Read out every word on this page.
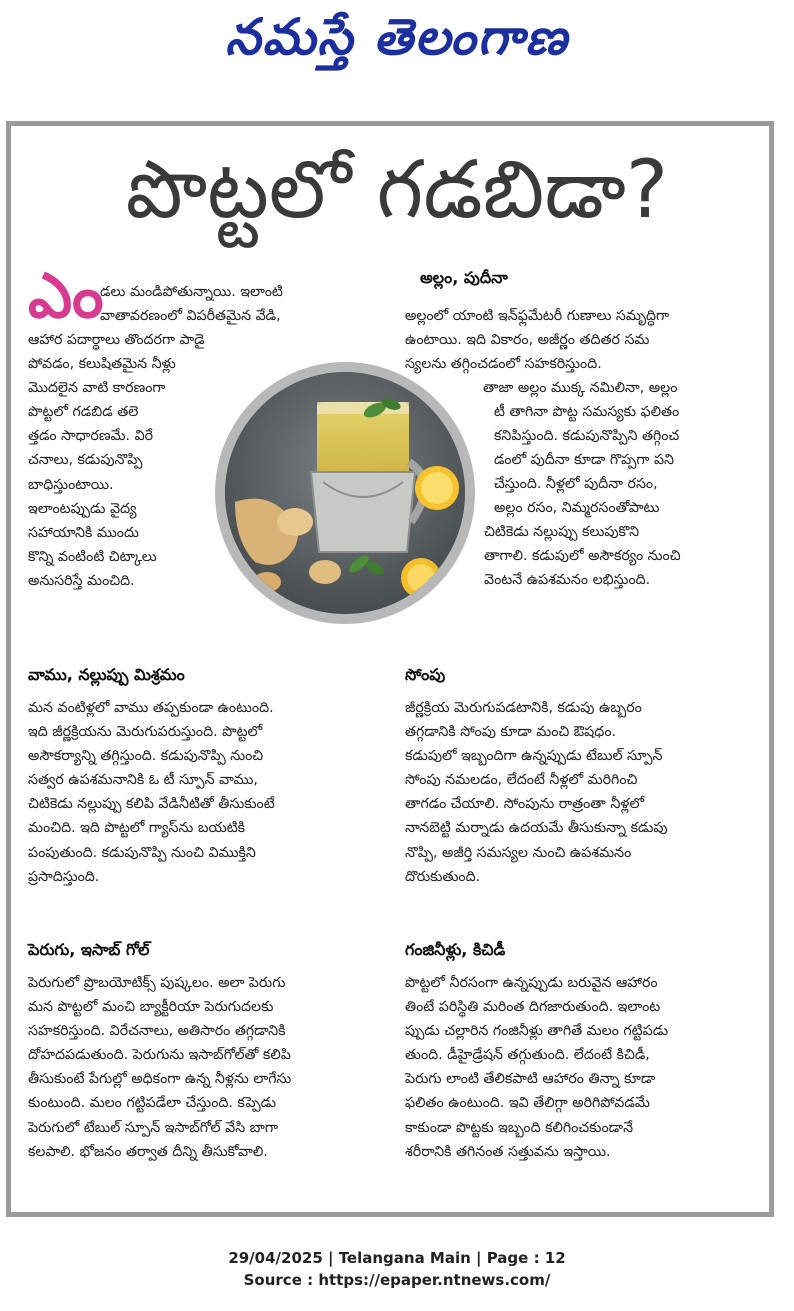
నమస్తే తెలంగాణ
పొట్టలో గడబిడా?
ఎం
డలు మండిపోతున్నాయి. ఇలాంటి
వాతావరణంలో విపరీతమైన వేడి,
ఆహార పదార్థాలు తొందరగా పాడై
పోవడం, కలుషితమైన నీళ్లు
మొదలైన వాటి కారణంగా
పొట్టలో గడబిడ తలె
త్తడం సాధారణమే. విరే
చనాలు, కడుపునొప్పి
బాధిస్తుంటాయి.
ఇలాంటప్పుడు వైద్య
సహాయానికి ముందు
కొన్ని వంటింటి చిట్కాలు
అనుసరిస్తే మంచిది.
అల్లం, పుదీనా
అల్లంలో యాంటి ఇన్‌ఫ్లమేటరీ గుణాలు సమృద్ధిగా
ఉంటాయి. ఇది వికారం, అజీర్ణం తదితర సమ
స్యలను తగ్గించడంలో సహకరిస్తుంది.
తాజా అల్లం ముక్క నమిలినా, అల్లం
టీ తాగినా పొట్ట సమస్యకు ఫలితం
కనిపిస్తుంది. కడుపునొప్పిని తగ్గించ
డంలో పుదీనా కూడా గొప్పగా పని
చేస్తుంది. నీళ్లలో పుదీనా రసం,
అల్లం రసం, నిమ్మరసంతోపాటు
చిటికెడు నల్లుప్పు కలుపుకొని
తాగాలి. కడుపులో అసౌకర్యం నుంచి
వెంటనే ఉపశమనం లభిస్తుంది.
వాము, నల్లుప్పు మిశ్రమం
మన వంటిళ్లలో వాము తప్పకుండా ఉంటుంది.
ఇది జీర్ణక్రియను మెరుగుపరుస్తుంది. పొట్టలో
అసౌకర్యాన్ని తగ్గిస్తుంది. కడుపునొప్పి నుంచి
సత్వర ఉపశమనానికి ఓ టీ స్పూన్ వాము,
చిటికెడు నల్లుప్పు కలిపి వేడినీటితో తీసుకుంటే
మంచిది. ఇది పొట్టలో గ్యాస్‌ను బయటికి
పంపుతుంది. కడుపునొప్పి నుంచి విముక్తిని
ప్రసాదిస్తుంది.
సోంపు
జీర్ణక్రియ మెరుగుపడటానికి, కడుపు ఉబ్బరం
తగ్గడానికి సోంపు కూడా మంచి ఔషధం.
కడుపులో ఇబ్బందిగా ఉన్నప్పుడు టేబుల్ స్పూన్
సోంపు నమలడం, లేదంటే నీళ్లలో మరిగించి
తాగడం చేయాలి. సోంపును రాత్రంతా నీళ్లలో
నానబెట్టి మర్నాడు ఉదయమే తీసుకున్నా కడుపు
నొప్పి, అజీర్తి సమస్యల నుంచి ఉపశమనం
దొరుకుతుంది.
పెరుగు, ఇసాబ్ గోల్
పెరుగులో ప్రొబయోటిక్స్ పుష్కలం. అలా పెరుగు
మన పొట్టలో మంచి బ్యాక్టీరియా పెరుగుదలకు
సహకరిస్తుంది. విరేచనాలు, అతిసారం తగ్గడానికి
దోహదపడుతుంది. పెరుగును ఇసాబ్‌గోల్‌తో కలిపి
తీసుకుంటే పేగుల్లో అధికంగా ఉన్న నీళ్లను లాగేసు
కుంటుంది. మలం గట్టిపడేలా చేస్తుంది. కప్పెడు
పెరుగులో టేబుల్ స్పూన్ ఇసాబ్‌గోల్ వేసి బాగా
కలపాలి. భోజనం తర్వాత దీన్ని తీసుకోవాలి.
గంజినీళ్లు, కిచిడీ
పొట్టలో నీరసంగా ఉన్నప్పుడు బరువైన ఆహారం
తింటే పరిస్థితి మరింత దిగజారుతుంది. ఇలాంట
ప్పుడు చల్లారిన గంజినీళ్లు తాగితే మలం గట్టిపడు
తుంది. డీహైడ్రేషన్ తగ్గుతుంది. లేదంటే కిచిడీ,
పెరుగు లాంటి తేలికపాటి ఆహారం తిన్నా కూడా
ఫలితం ఉంటుంది. ఇవి తేలిగ్గా అరిగిపోవడమే
కాకుండా పొట్టకు ఇబ్బంది కలిగించకుండానే
శరీరానికి తగినంత సత్తువను ఇస్తాయి.
29/04/2025 | Telangana Main | Page : 12
Source : https://epaper.ntnews.com/
